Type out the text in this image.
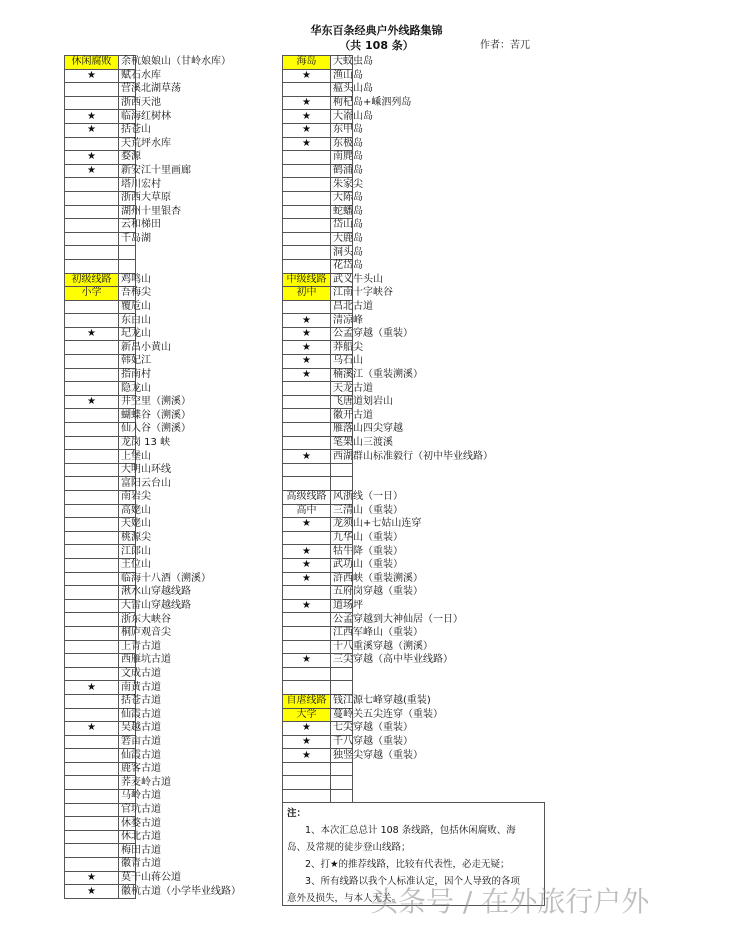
华东百条经典户外线路集锦
（共 108 条）	作者：苦兀
休闲腐败		余杭娘娘山（甘岭水库）
★		赋石水库
		营溪北湖草荡
		浙西天池
★		临海红树林
★		括苍山
		天荒坪水库
★		婺源
★		新安江十里画廊
		塔川宏村
		浙西大草原
		湖州十里银杏
		云和梯田
		千岛湖

初级线路		鸡鸣山
小学		吾梅尖
		覆卮山
		东白山
★		玘龙山
		新昌小黄山
		韩妃江
		指南村
		隐龙山
★		井空里（溯溪）
		蝴蝶谷（溯溪）
		仙人谷（溯溪）
		龙岗 13 峡
		上堡山
		大明山环线
		富阳云台山
		南岩尖
		高姥山
		天姥山
		桃源尖
		江郎山
		王位山
		临海十八酒（溯溪）
		湫水山穿越线路
		大雷山穿越线路
		浙东大峡谷
		桐庐观音尖
		上青古道
		西雁坑古道
		文成古道
★		南黄古道
		括苍古道
		仙霞古道
★		吴越古道
		箬亩古道
		仙霞古道
		鹿客古道
		荞麦岭古道
		马岭古道
		官坑古道
		休婺古道
		休北古道
		梅田古道
		徽青古道
★		莫干山蒋公道
★		徽杭古道（小学毕业线路）
海岛		大蚊虫岛
★		渔山岛
		瘟头山岛
★		枸杞岛+嵊泗列岛
★		大嵛山岛
★		东甲岛
★		东极岛
		南麂岛
		鹤浦岛
		朱家尖
		大陈岛
		蛇蟠岛
		岱山岛
		大鹿岛
		洞头岛
		花岱岛
中级线路		武义牛头山
初中		江南十字峡谷
		昌北古道
★		清凉峰
★		公孟穿越（重装）
★		莽船尖
★		乌石山
★		楠溪江（重装溯溪）
		天龙古道
		飞唐道划岩山
		徽开古道
		雁落山四尖穿越
		笔架山三渡溪
★		西湖群山标准毅行（初中毕业线路）

高级线路		风浙线（一日）
高中		三清山（重装）
★		龙须山+七姑山连穿
		九华山（重装）
★		牯牛降（重装）
★		武功山（重装）
★		浒西峡（重装溯溪）
		五府岗穿越（重装）
★		道场坪
		公孟穿越到大神仙居（一日）
		江西军峰山（重装）
		十八重溪穿越（溯溪）
★		三尖穿越（高中毕业线路）

自虐线路		钱江源七峰穿越(重装)
大学		蔓岭关五尖连穿（重装）
★		七尖穿越（重装）
★		千八穿越（重装）
★		独竖尖穿越（重装）

注：
1、本次汇总总计 108 条线路，包括休闲腐败、海
岛、及常规的徒步登山线路；
2、打★的推荐线路，比较有代表性，必走无疑；
3、所有线路以我个人标准认定，因个人导致的各项
意外及损失，与本人无关。
头条号 / 在外旅行户外
